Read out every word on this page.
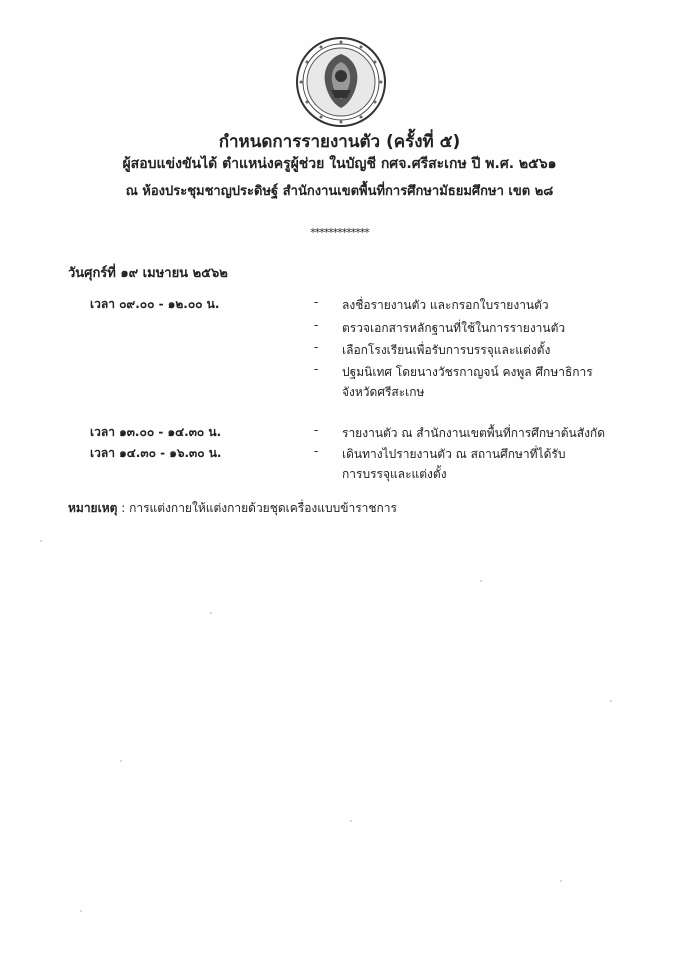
กำหนดการรายงานตัว (ครั้งที่ ๕)
ผู้สอบแข่งขันได้ ตำแหน่งครูผู้ช่วย ในบัญชี กศจ.ศรีสะเกษ ปี พ.ศ. ๒๕๖๑
ณ ห้องประชุมชาญประดิษฐ์ สำนักงานเขตพื้นที่การศึกษามัธยมศึกษา เขต ๒๘
*************
วันศุกร์ที่ ๑๙ เมษายน ๒๕๖๒
เวลา ๐๙.๐๐ - ๑๒.๐๐ น.	-	ลงชื่อรายงานตัว และกรอกใบรายงานตัว
-	ตรวจเอกสารหลักฐานที่ใช้ในการรายงานตัว
-	เลือกโรงเรียนเพื่อรับการบรรจุและแต่งตั้ง
-	ปฐมนิเทศ โดยนางวัชรกาญจน์ คงพูล ศึกษาธิการ
จังหวัดศรีสะเกษ
เวลา ๑๓.๐๐ - ๑๔.๓๐ น.	-	รายงานตัว ณ สำนักงานเขตพื้นที่การศึกษาต้นสังกัด
เวลา ๑๔.๓๐ - ๑๖.๓๐ น.	-	เดินทางไปรายงานตัว ณ สถานศึกษาที่ได้รับ
การบรรจุและแต่งตั้ง
หมายเหตุ : การแต่งกายให้แต่งกายด้วยชุดเครื่องแบบข้าราชการ
